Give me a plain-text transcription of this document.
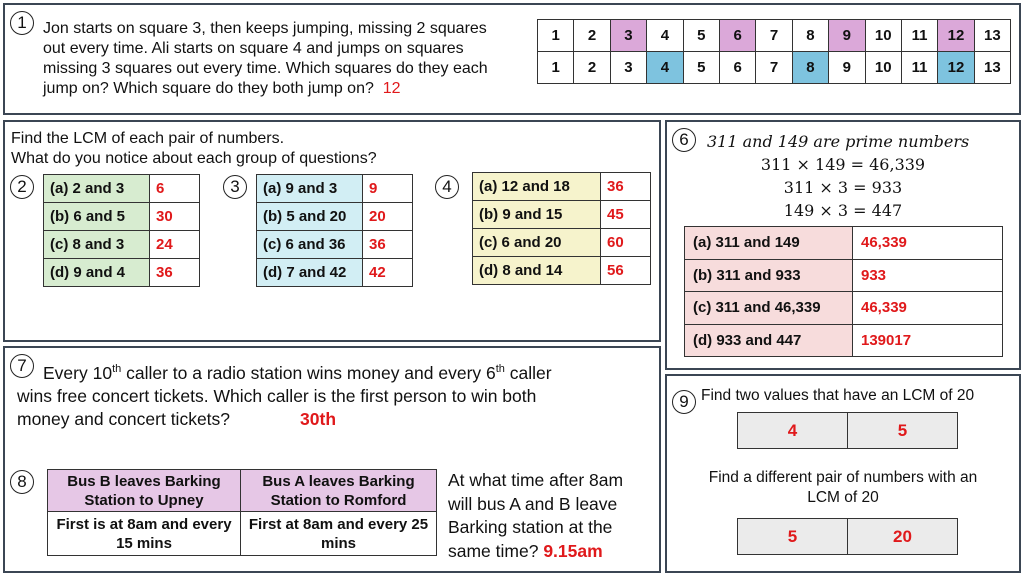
1	Jon starts on square 3, then keeps jumping, missing 2 squares
out every time. Ali starts on square 4 and jumps on squares
missing 3 squares out every time. Which squares do they each
jump on? Which square do they both jump on? 12
1	2	3	4	5	6	7	8	9	10	11	12	13
1	2	3	4	5	6	7	8	9	10	11	12	13
Find the LCM of each pair of numbers.
What do you notice about each group of questions?
2	(a) 2 and 3	6
(b) 6 and 5	30
(c) 8 and 3	24
(d) 9 and 4	36
3	(a) 9 and 3	9
(b) 5 and 20	20
(c) 6 and 36	36
(d) 7 and 42	42
4	(a) 12 and 18	36
(b) 9 and 15	45
(c) 6 and 20	60
(d) 8 and 14	56
6	311 and 149 are prime numbers
311 × 149 = 46,339
311 × 3 = 933
149 × 3 = 447
(a) 311 and 149	46,339
(b) 311 and 933	933
(c) 311 and 46,339	46,339
(d) 933 and 447	139017
7 Every 10th caller to a radio station wins money and every 6th caller
wins free concert tickets. Which caller is the first person to win both
money and concert tickets?	30th
8	Bus B leaves Barking Station to Upney	Bus A leaves Barking Station to Romford
First is at 8am and every 15 mins	First at 8am and every 25 mins
At what time after 8am
will bus A and B leave
Barking station at the
same time? 9.15am
9 Find two values that have an LCM of 20
4	5
Find a different pair of numbers with an
LCM of 20
5	20
